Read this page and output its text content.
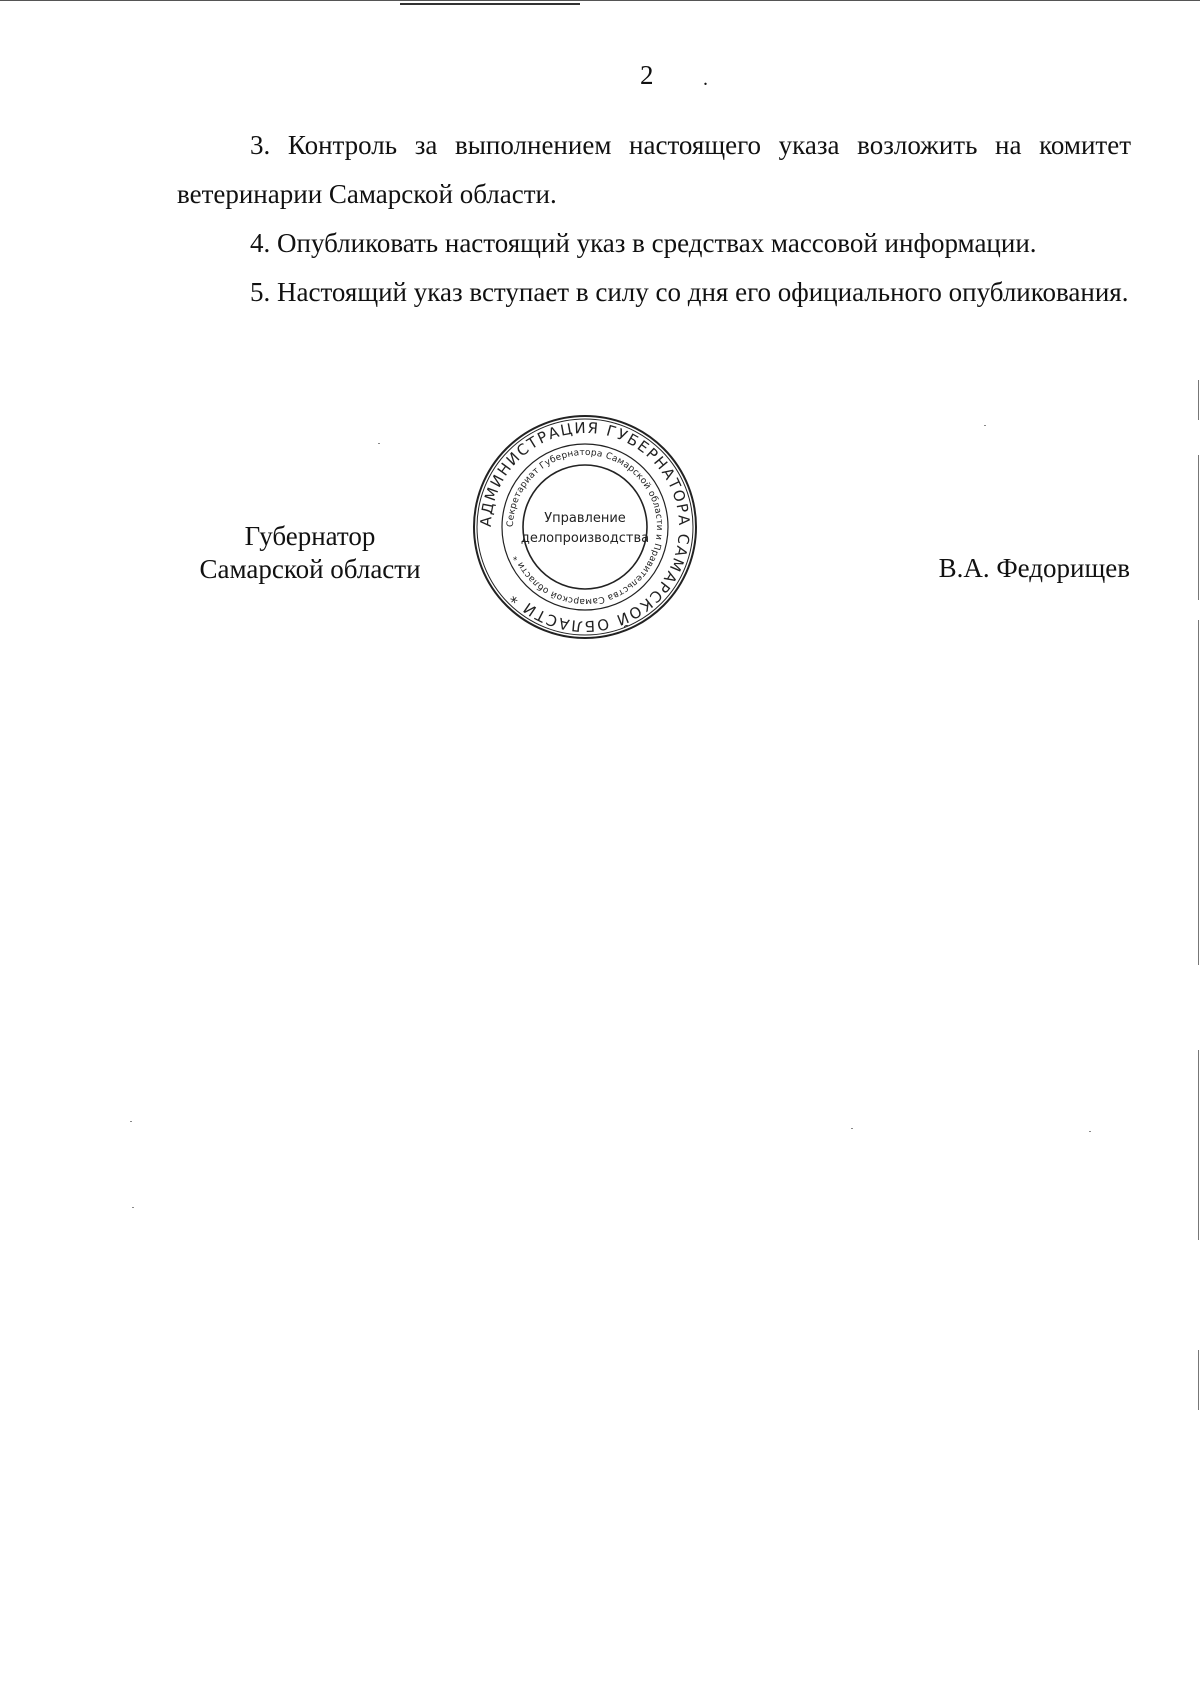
2 .

3. Контроль за выполнением настоящего указа возложить на комитет ветеринарии Самарской области.

4. Опубликовать настоящий указ в средствах массовой информации.

5. Настоящий указ вступает в силу со дня его официального опубликования.

Губернатор
Самарской области
АДМИНИСТРАЦИЯ ГУБЕРНАТОРА САМАРСКОЙ ОБЛАСТИ *
Секретариат Губернатора Самарской области и Правительства Самарской области *
Управление
делопроизводства
В.А. Федорищев
